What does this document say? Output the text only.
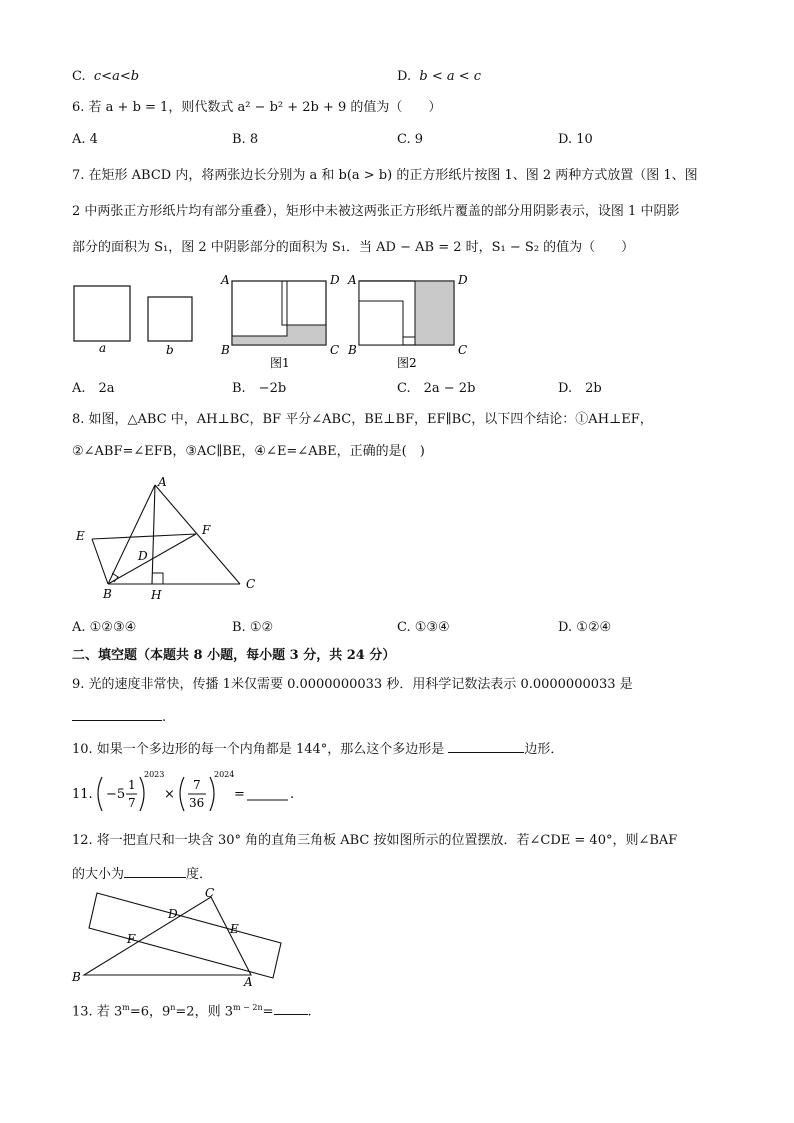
C. c<a<b	D. b < a < c
6. 若 a + b = 1，则代数式 a² − b² + 2b + 9 的值为（　　）
A. 4	B. 8	C. 9	D. 10
7. 在矩形 ABCD 内，将两张边长分别为 a 和 b(a > b) 的正方形纸片按图 1、图 2 两种方式放置（图 1、图
2 中两张正方形纸片均有部分重叠），矩形中未被这两张正方形纸片覆盖的部分用阴影表示，设图 1 中阴影
部分的面积为 S₁，图 2 中阴影部分的面积为 S₁．当 AD − AB = 2 时，S₁ − S₂ 的值为（　　）
a	b
A	D
B	C
图1
A	D
B	C
图2
A.　2a	B.　−2b	C.　2a − 2b	D.　2b
8. 如图，△ABC 中，AH⊥BC，BF 平分∠ABC，BE⊥BF，EF∥BC，以下四个结论：①AH⊥EF，
②∠ABF=∠EFB，③AC∥BE，④∠E=∠ABE，正确的是(　)
A
E	F
D
B	H
C
A. ①②③④	B. ①②	C. ①③④	D. ①②④
二、填空题（本题共 8 小题，每小题 3 分，共 24 分）
9. 光的速度非常快，传播 1米仅需要 0.0000000033 秒．用科学记数法表示 0.0000000033 是
.
10. 如果一个多边形的每一个内角都是 144°，那么这个多边形是	边形．
11. −5
1
7
2023
×
7
36
2024
=	.
12. 将一把直尺和一块含 30° 角的直角三角板 ABC 按如图所示的位置摆放．若∠CDE = 40°，则∠BAF
的大小为	度．
C
D
E
F
B	A
13. 若 $3^m=6$，$9^n=2$，则 $3^{m - 2n}=$	.
